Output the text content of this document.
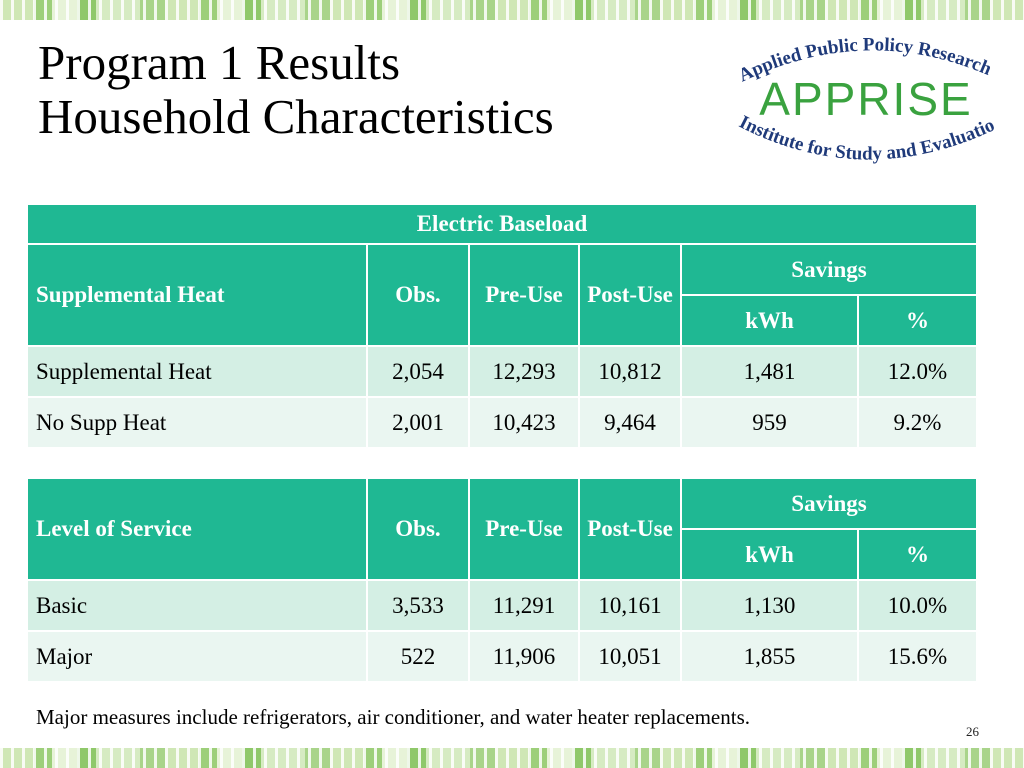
Program 1 Results
Household Characteristics
Applied Public Policy Research
Institute for Study and Evaluatio
APPRISE
Electric Baseload					
Supplemental Heat	Obs.	Pre-Use	Post-Use	Savings	
				kWh	%
Supplemental Heat	2,054	12,293	10,812	1,481	12.0%
No Supp Heat	2,001	10,423	9,464	959	9.2%
Level of Service	Obs.	Pre-Use	Post-Use	Savings	
				kWh	%
Basic	3,533	11,291	10,161	1,130	10.0%
Major	522	11,906	10,051	1,855	15.6%
Major measures include refrigerators, air conditioner, and water heater replacements.
26
